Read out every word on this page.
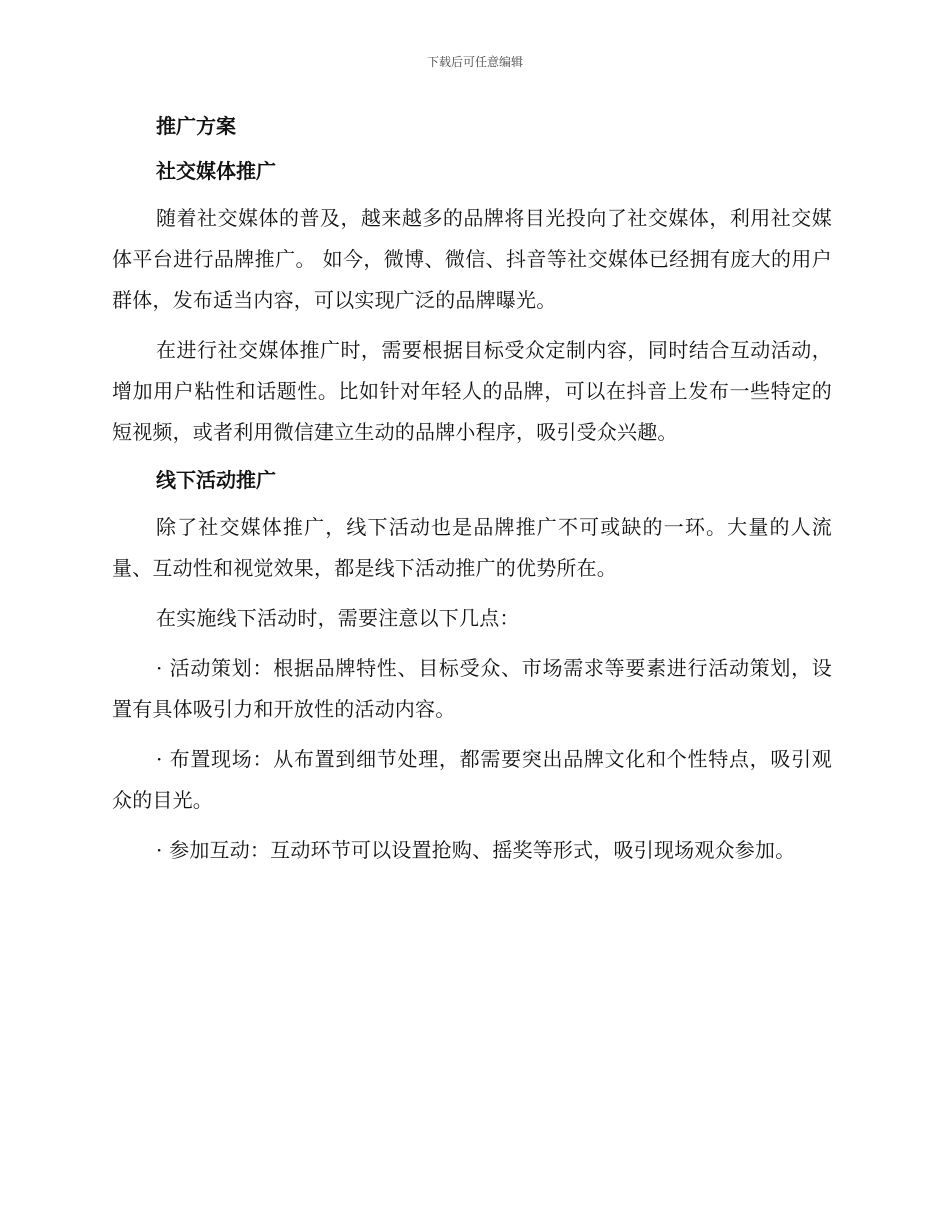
下载后可任意编辑
推广方案
社交媒体推广

随着社交媒体的普及，越来越多的品牌将目光投向了社交媒体，利用社交媒体平台进行品牌推广。 如今，微博、微信、抖音等社交媒体已经拥有庞大的用户群体，发布适当内容，可以实现广泛的品牌曝光。

在进行社交媒体推广时，需要根据目标受众定制内容，同时结合互动活动，增加用户粘性和话题性。比如针对年轻人的品牌，可以在抖音上发布一些特定的短视频，或者利用微信建立生动的品牌小程序，吸引受众兴趣。

线下活动推广

除了社交媒体推广，线下活动也是品牌推广不可或缺的一环。大量的人流量、互动性和视觉效果，都是线下活动推广的优势所在。

在实施线下活动时，需要注意以下几点：

· 活动策划：根据品牌特性、目标受众、市场需求等要素进行活动策划，设置有具体吸引力和开放性的活动内容。

· 布置现场：从布置到细节处理，都需要突出品牌文化和个性特点，吸引观众的目光。

· 参加互动：互动环节可以设置抢购、摇奖等形式，吸引现场观众参加。
